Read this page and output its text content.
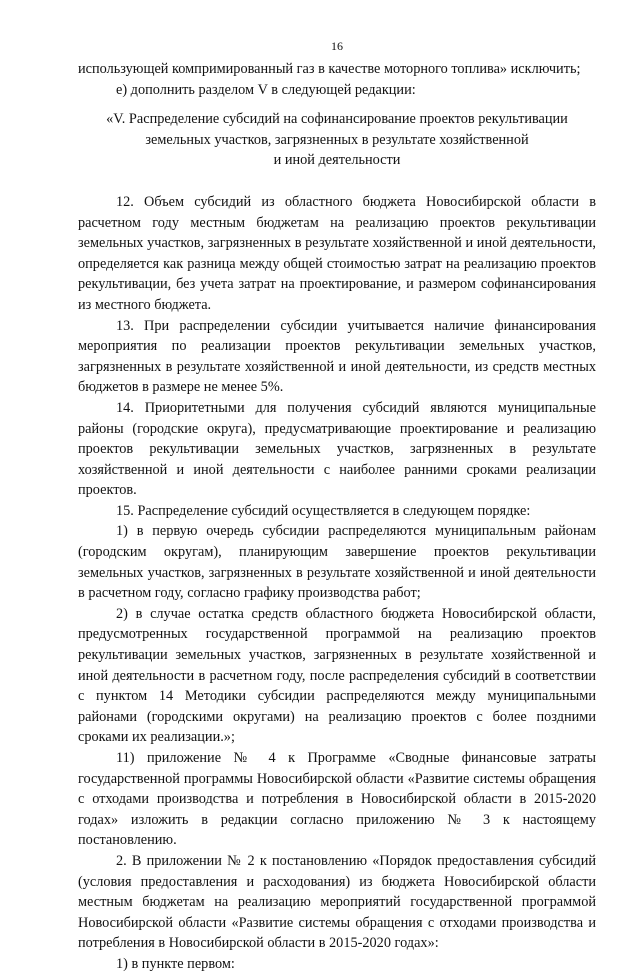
16

использующей компримированный газ в качестве моторного топлива» исключить;

е) дополнить разделом V в следующей редакции:

«V. Распределение субсидий на софинансирование проектов рекультивации
земельных участков, загрязненных в результате хозяйственной
и иной деятельности

12. Объем субсидий из областного бюджета Новосибирской области в расчетном году местным бюджетам на реализацию проектов рекультивации земельных участков, загрязненных в результате хозяйственной и иной деятельности, определяется как разница между общей стоимостью затрат на реализацию проектов рекультивации, без учета затрат на проектирование, и размером софинансирования из местного бюджета.

13. При распределении субсидии учитывается наличие финансирования мероприятия по реализации проектов рекультивации земельных участков, загрязненных в результате хозяйственной и иной деятельности, из средств местных бюджетов в размере не менее 5%.

14. Приоритетными для получения субсидий являются муниципальные районы (городские округа), предусматривающие проектирование и реализацию проектов рекультивации земельных участков, загрязненных в результате хозяйственной и иной деятельности с наиболее ранними сроками реализации проектов.

15. Распределение субсидий осуществляется в следующем порядке:

1) в первую очередь субсидии распределяются муниципальным районам (городским округам), планирующим завершение проектов рекультивации земельных участков, загрязненных в результате хозяйственной и иной деятельности в расчетном году, согласно графику производства работ;

2) в случае остатка средств областного бюджета Новосибирской области, предусмотренных государственной программой на реализацию проектов рекультивации земельных участков, загрязненных в результате хозяйственной и иной деятельности в расчетном году, после распределения субсидий в соответствии с пунктом 14 Методики субсидии распределяются между муниципальными районами (городскими округами) на реализацию проектов с более поздними сроками их реализации.»;

11) приложение № 4 к Программе «Сводные финансовые затраты государственной программы Новосибирской области «Развитие системы обращения с отходами производства и потребления в Новосибирской области в 2015-2020 годах» изложить в редакции согласно приложению № 3 к настоящему постановлению.

2. В приложении № 2 к постановлению «Порядок предоставления субсидий (условия предоставления и расходования) из бюджета Новосибирской области местным бюджетам на реализацию мероприятий государственной программой Новосибирской области «Развитие системы обращения с отходами производства и потребления в Новосибирской области в 2015-2020 годах»:

1) в пункте первом:
